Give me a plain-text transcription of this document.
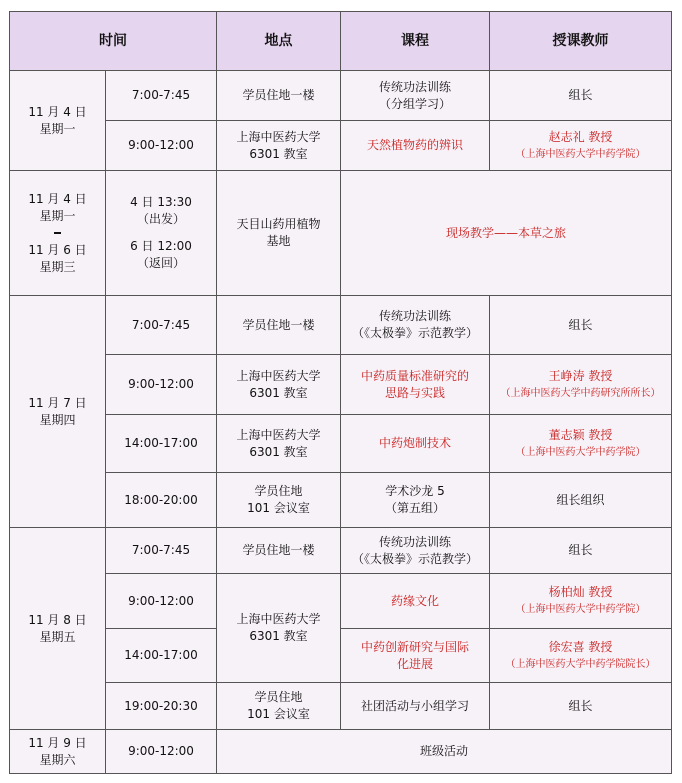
时间		地点	课程	授课教师

11 月 4 日
星期一	7:00-7:45	学员住地一楼	传统功法训练
（分组学习）	组长
	9:00-12:00	上海中医药大学
6301 教室	天然植物药的辨识	赵志礼 教授
（上海中医药大学中药学院）

11 月 4 日
星期一
11 月 6 日
星期三	4 日 13:30
（出发）
6 日 12:00
（返回）	天目山药用植物
基地	现场教学——本草之旅	

11 月 7 日
星期四	7:00-7:45	学员住地一楼	传统功法训练
（《太极拳》示范教学）	组长
	9:00-12:00	上海中医药大学
6301 教室	中药质量标准研究的
思路与实践	王峥涛 教授
（上海中医药大学中药研究所所长）

	14:00-17:00	上海中医药大学
6301 教室	中药炮制技术	董志颖 教授
（上海中医药大学中药学院）

	18:00-20:00	学员住地
101 会议室	学术沙龙 5
（第五组）	组长组织

11 月 8 日
星期五	7:00-7:45	学员住地一楼	传统功法训练
（《太极拳》示范教学）	组长
	9:00-12:00	上海中医药大学
6301 教室	药缘文化	杨柏灿 教授
（上海中医药大学中药学院）

	14:00-17:00		中药创新研究与国际
化进展	徐宏喜 教授
（上海中医药大学中药学院院长）

	19:00-20:30	学员住地
101 会议室	社团活动与小组学习	组长

11 月 9 日
星期六	9:00-12:00	班级活动		
